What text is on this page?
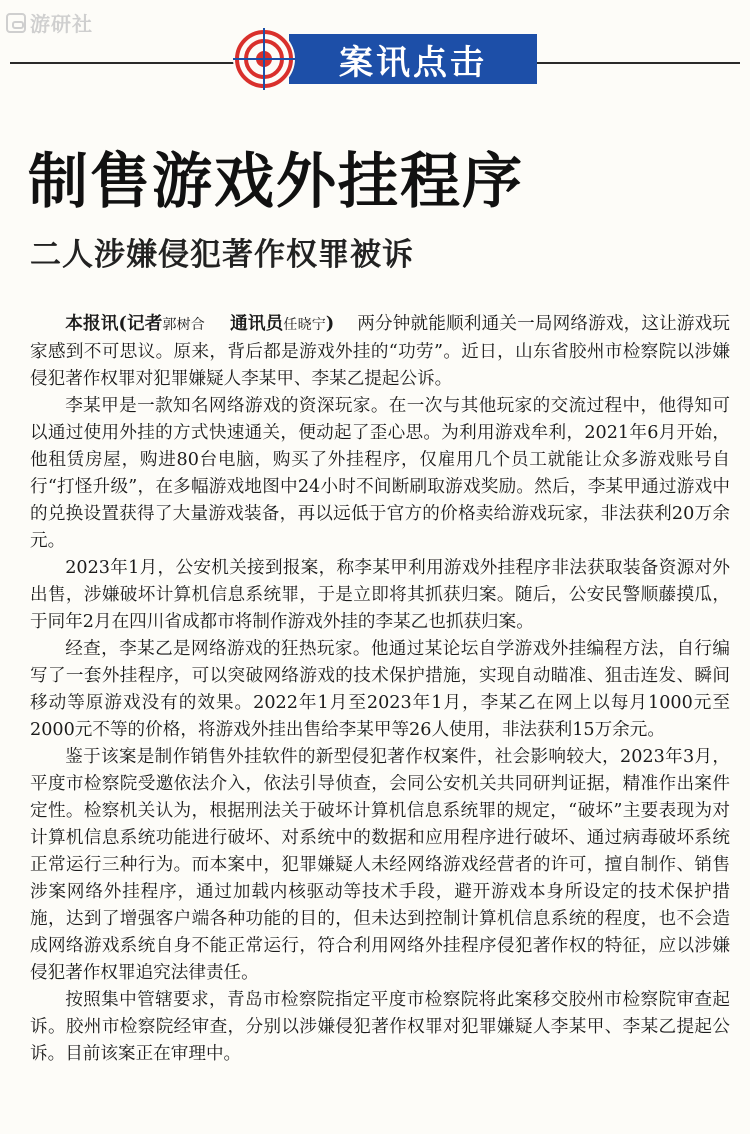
游研社
案讯点击
制售游戏外挂程序
二人涉嫌侵犯著作权罪被诉

本报讯(记者郭树合 通讯员任晓宁) 两分钟就能顺利通关一局网络游戏，这让游戏玩家感到不可思议。原来，背后都是游戏外挂的“功劳”。近日，山东省胶州市检察院以涉嫌侵犯著作权罪对犯罪嫌疑人李某甲、李某乙提起公诉。

李某甲是一款知名网络游戏的资深玩家。在一次与其他玩家的交流过程中，他得知可以通过使用外挂的方式快速通关，便动起了歪心思。为利用游戏牟利，2021年6月开始，他租赁房屋，购进80台电脑，购买了外挂程序，仅雇用几个员工就能让众多游戏账号自行“打怪升级”，在多幅游戏地图中24小时不间断刷取游戏奖励。然后，李某甲通过游戏中的兑换设置获得了大量游戏装备，再以远低于官方的价格卖给游戏玩家，非法获利20万余元。

2023年1月，公安机关接到报案，称李某甲利用游戏外挂程序非法获取装备资源对外出售，涉嫌破坏计算机信息系统罪，于是立即将其抓获归案。随后，公安民警顺藤摸瓜，于同年2月在四川省成都市将制作游戏外挂的李某乙也抓获归案。

经查，李某乙是网络游戏的狂热玩家。他通过某论坛自学游戏外挂编程方法，自行编写了一套外挂程序，可以突破网络游戏的技术保护措施，实现自动瞄准、狙击连发、瞬间移动等原游戏没有的效果。2022年1月至2023年1月，李某乙在网上以每月1000元至2000元不等的价格，将游戏外挂出售给李某甲等26人使用，非法获利15万余元。

鉴于该案是制作销售外挂软件的新型侵犯著作权案件，社会影响较大，2023年3月，平度市检察院受邀依法介入，依法引导侦查，会同公安机关共同研判证据，精准作出案件定性。检察机关认为，根据刑法关于破坏计算机信息系统罪的规定，“破坏”主要表现为对计算机信息系统功能进行破坏、对系统中的数据和应用程序进行破坏、通过病毒破坏系统正常运行三种行为。而本案中，犯罪嫌疑人未经网络游戏经营者的许可，擅自制作、销售涉案网络外挂程序，通过加载内核驱动等技术手段，避开游戏本身所设定的技术保护措施，达到了增强客户端各种功能的目的，但未达到控制计算机信息系统的程度，也不会造成网络游戏系统自身不能正常运行，符合利用网络外挂程序侵犯著作权的特征，应以涉嫌侵犯著作权罪追究法律责任。

按照集中管辖要求，青岛市检察院指定平度市检察院将此案移交胶州市检察院审查起诉。胶州市检察院经审查，分别以涉嫌侵犯著作权罪对犯罪嫌疑人李某甲、李某乙提起公诉。目前该案正在审理中。
